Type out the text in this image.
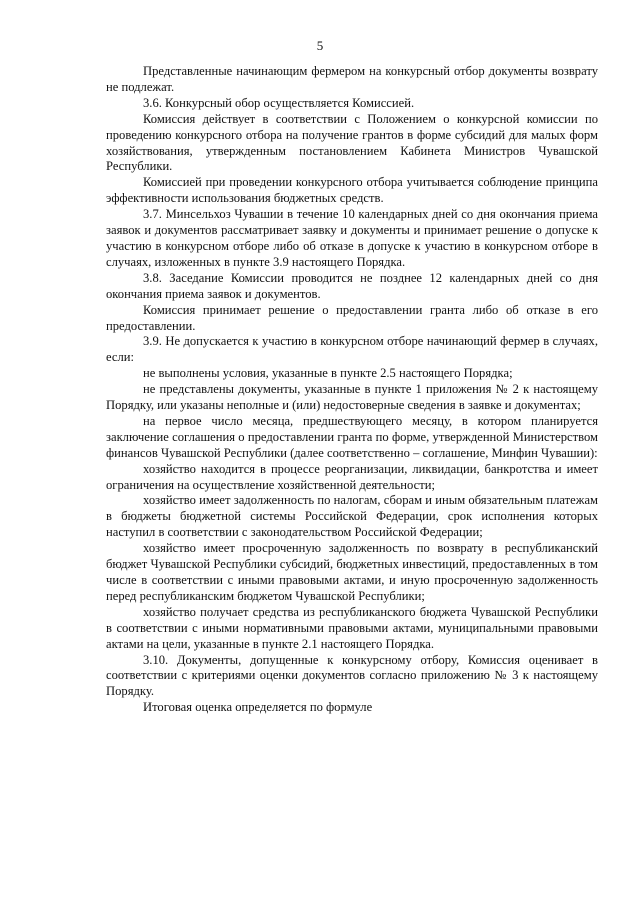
5

Представленные начинающим фермером на конкурсный отбор документы возврату не подлежат.

3.6. Конкурсный обор осуществляется Комиссией.

Комиссия действует в соответствии с Положением о конкурсной комиссии по проведению конкурсного отбора на получение грантов в форме субсидий для малых форм хозяйствования, утвержденным постановлением Кабинета Министров Чувашской Республики.

Комиссией при проведении конкурсного отбора учитывается соблюдение принципа эффективности использования бюджетных средств.

3.7. Минсельхоз Чувашии в течение 10 календарных дней со дня окончания приема заявок и документов рассматривает заявку и документы и принимает решение о допуске к участию в конкурсном отборе либо об отказе в допуске к участию в конкурсном отборе в случаях, изложенных в пункте 3.9 настоящего Порядка.

3.8. Заседание Комиссии проводится не позднее 12 календарных дней со дня окончания приема заявок и документов.

Комиссия принимает решение о предоставлении гранта либо об отказе в его предоставлении.

3.9. Не допускается к участию в конкурсном отборе начинающий фермер в случаях, если:

не выполнены условия, указанные в пункте 2.5 настоящего Порядка;

не представлены документы, указанные в пункте 1 приложения № 2 к настоящему Порядку, или указаны неполные и (или) недостоверные сведения в заявке и документах;

на первое число месяца, предшествующего месяцу, в котором планируется заключение соглашения о предоставлении гранта по форме, утвержденной Министерством финансов Чувашской Республики (далее соответственно – соглашение, Минфин Чувашии):

хозяйство находится в процессе реорганизации, ликвидации, банкротства и имеет ограничения на осуществление хозяйственной деятельности;

хозяйство имеет задолженность по налогам, сборам и иным обязательным платежам в бюджеты бюджетной системы Российской Федерации, срок исполнения которых наступил в соответствии с законодательством Российской Федерации;

хозяйство имеет просроченную задолженность по возврату в республиканский бюджет Чувашской Республики субсидий, бюджетных инвестиций, предоставленных в том числе в соответствии с иными правовыми актами, и иную просроченную задолженность перед республиканским бюджетом Чувашской Республики;

хозяйство получает средства из республиканского бюджета Чувашской Республики в соответствии с иными нормативными правовыми актами, муниципальными правовыми актами на цели, указанные в пункте 2.1 настоящего Порядка.

3.10. Документы, допущенные к конкурсному отбору, Комиссия оценивает в соответствии с критериями оценки документов согласно приложению № 3 к настоящему Порядку.

Итоговая оценка определяется по формуле
